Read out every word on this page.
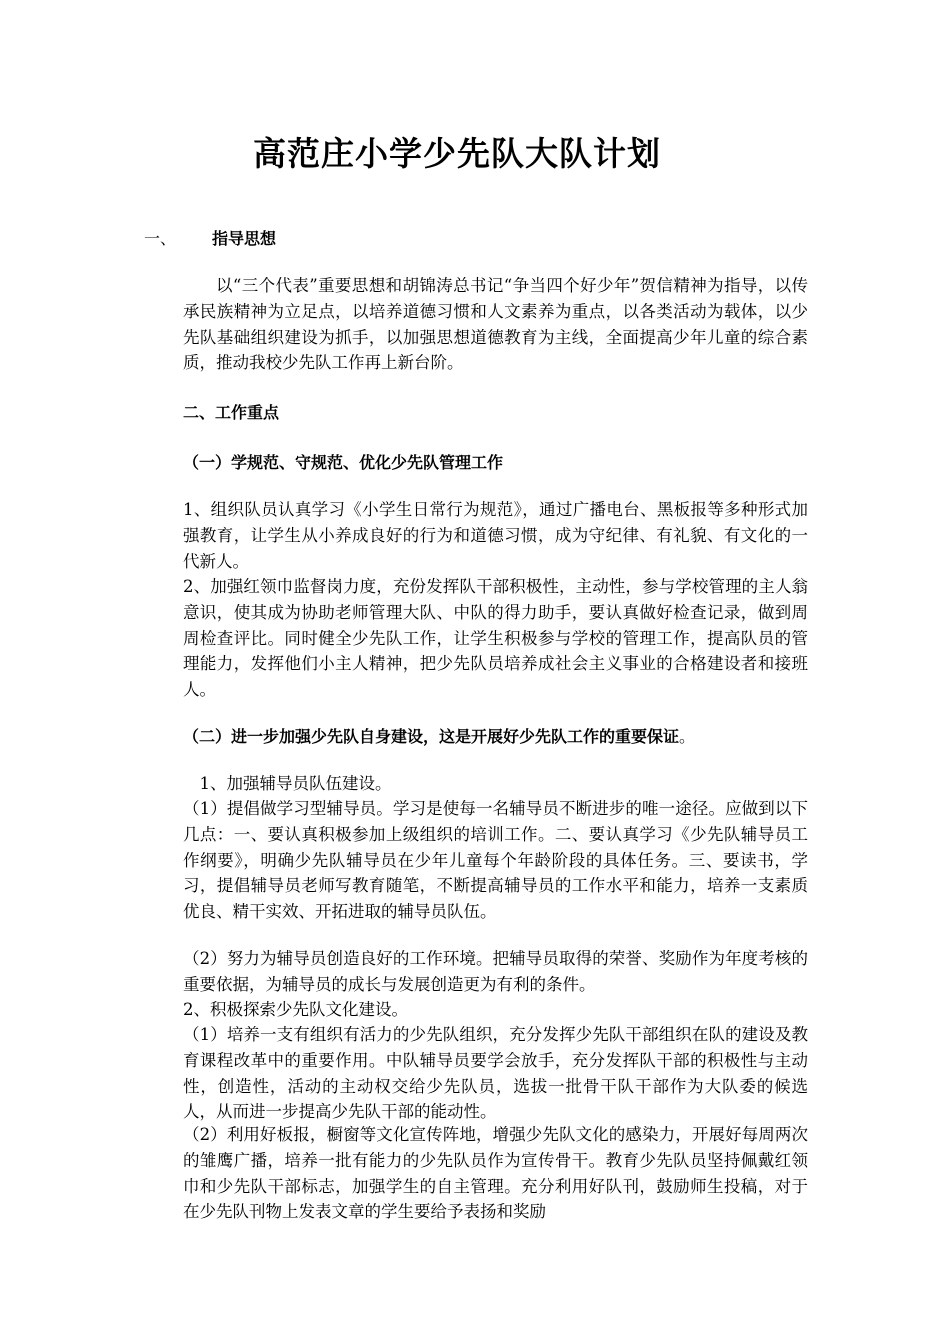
高范庄小学少先队大队计划
一、 指导思想

以“三个代表”重要思想和胡锦涛总书记“争当四个好少年”贺信精神为指导，以传承民族精神为立足点，以培养道德习惯和人文素养为重点，以各类活动为载体，以少先队基础组织建设为抓手，以加强思想道德教育为主线，全面提高少年儿童的综合素质，推动我校少先队工作再上新台阶。

二、工作重点
（一）学规范、守规范、优化少先队管理工作

1、组织队员认真学习《小学生日常行为规范》，通过广播电台、黑板报等多种形式加强教育，让学生从小养成良好的行为和道德习惯，成为守纪律、有礼貌、有文化的一代新人。

2、加强红领巾监督岗力度，充份发挥队干部积极性，主动性，参与学校管理的主人翁意识，使其成为协助老师管理大队、中队的得力助手，要认真做好检查记录，做到周周检查评比。同时健全少先队工作，让学生积极参与学校的管理工作，提高队员的管理能力，发挥他们小主人精神，把少先队员培养成社会主义事业的合格建设者和接班人。

（二）进一步加强少先队自身建设，这是开展好少先队工作的重要保证。

1、加强辅导员队伍建设。

（1）提倡做学习型辅导员。学习是使每一名辅导员不断进步的唯一途径。应做到以下几点：一、要认真积极参加上级组织的培训工作。二、要认真学习《少先队辅导员工作纲要》，明确少先队辅导员在少年儿童每个年龄阶段的具体任务。三、要读书，学习，提倡辅导员老师写教育随笔，不断提高辅导员的工作水平和能力，培养一支素质优良、精干实效、开拓进取的辅导员队伍。

（2）努力为辅导员创造良好的工作环境。把辅导员取得的荣誉、奖励作为年度考核的重要依据，为辅导员的成长与发展创造更为有利的条件。

2、积极探索少先队文化建设。

（1）培养一支有组织有活力的少先队组织，充分发挥少先队干部组织在队的建设及教育课程改革中的重要作用。中队辅导员要学会放手，充分发挥队干部的积极性与主动性，创造性，活动的主动权交给少先队员，选拔一批骨干队干部作为大队委的候选人，从而进一步提高少先队干部的能动性。

（2）利用好板报，橱窗等文化宣传阵地，增强少先队文化的感染力，开展好每周两次的雏鹰广播，培养一批有能力的少先队员作为宣传骨干。教育少先队员坚持佩戴红领巾和少先队干部标志，加强学生的自主管理。充分利用好队刊，鼓励师生投稿，对于在少先队刊物上发表文章的学生要给予表扬和奖励
